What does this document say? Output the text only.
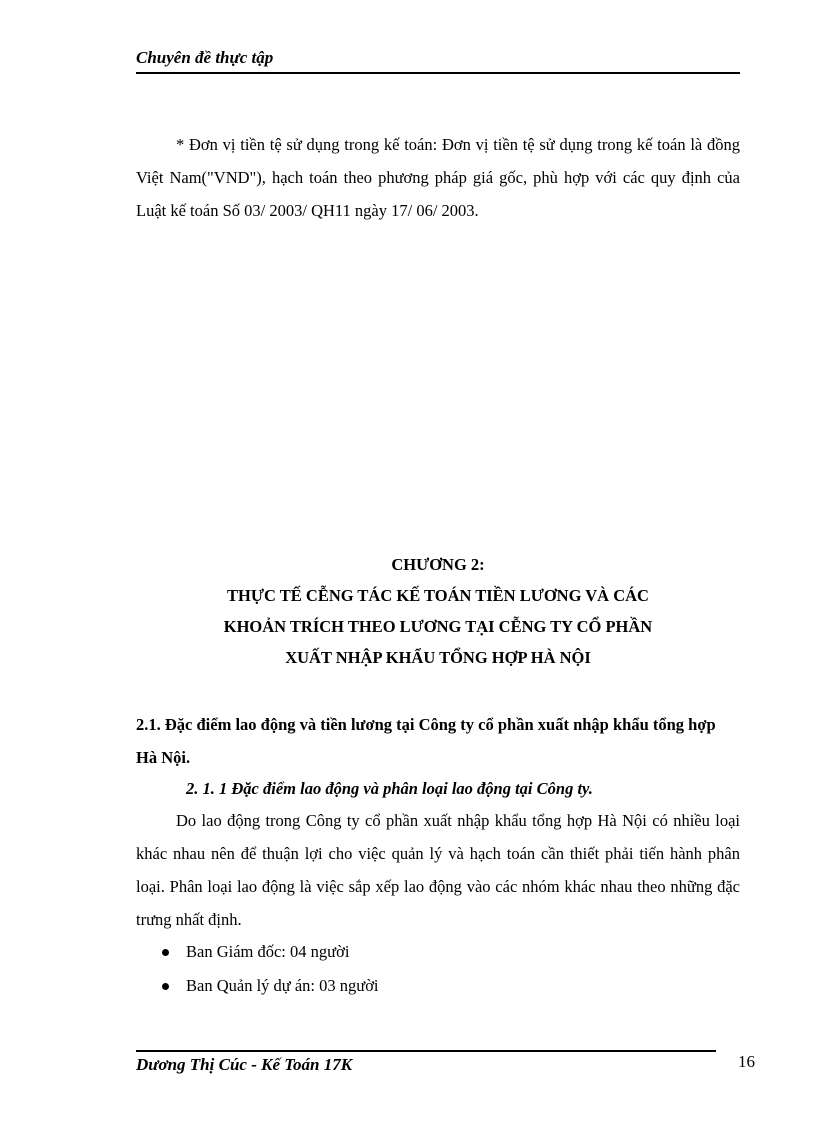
Chuyên đề thực tập

* Đơn vị tiền tệ sử dụng trong kế toán: Đơn vị tiền tệ sử dụng trong kế toán là đồng Việt Nam("VND"), hạch toán theo phương pháp giá gốc, phù hợp với các quy định của Luật kế toán Số 03/ 2003/ QH11 ngày 17/ 06/ 2003.

CHƯƠNG 2:
THỰC TẾ CỄNG TÁC KẾ TOÁN TIỀN LƯƠNG VÀ CÁC
KHOẢN TRÍCH THEO LƯƠNG TẠI CỄNG TY CỔ PHẦN
XUẤT NHẬP KHẨU TỔNG HỢP HÀ NỘI

2.1. Đặc điểm lao động và tiền lương tại Công ty cổ phần xuất nhập khẩu tổng hợp Hà Nội.

2. 1. 1 Đặc điểm lao động và phân loại lao động tại Công ty.

Do lao động trong Công ty cổ phần xuất nhập khẩu tổng hợp Hà Nội có nhiều loại khác nhau nên để thuận lợi cho việc quản lý và hạch toán cần thiết phải tiến hành phân loại. Phân loại lao động là việc sắp xếp lao động vào các nhóm khác nhau theo những đặc trưng nhất định.

Ban Giám đốc: 04 người
Ban Quản lý dự án: 03 người
Dương Thị Cúc - Kế Toán 17K	16
